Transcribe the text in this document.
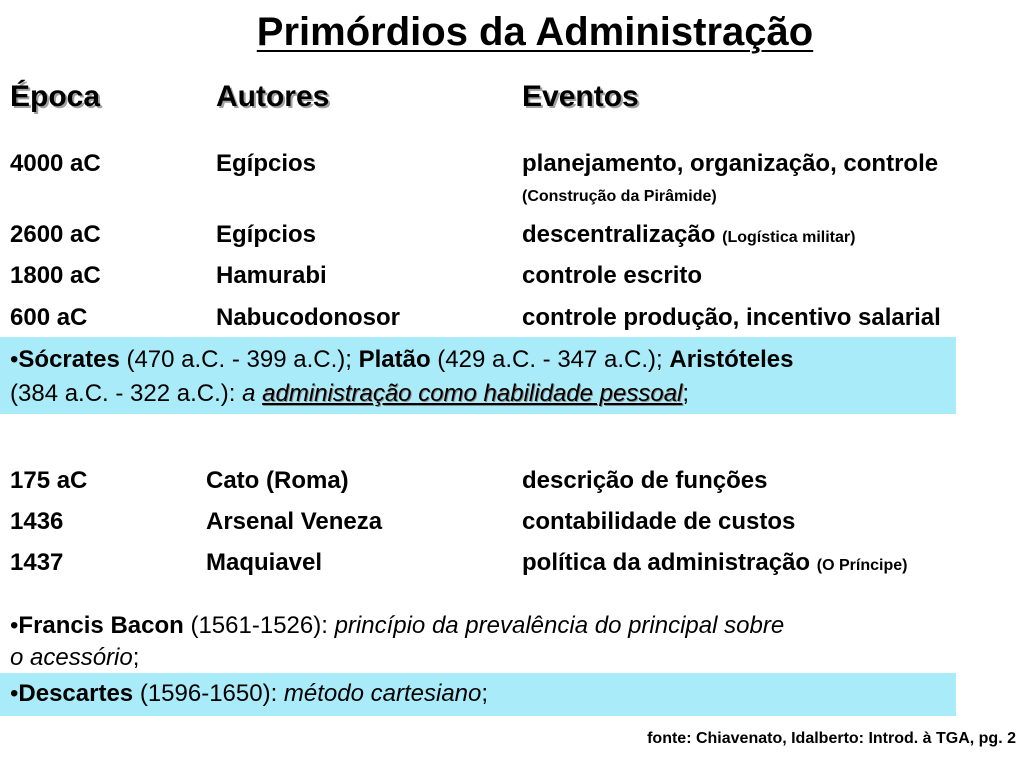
Primórdios da Administração
Época	Autores	Eventos
4000 aC	Egípcios	planejamento, organização, controle
(Construção da Pirâmide)
2600 aC	Egípcios	descentralização (Logística militar)
1800 aC	Hamurabi	controle escrito
600 aC	Nabucodonosor	controle produção, incentivo salarial
•Sócrates (470 a.C. - 399 a.C.); Platão (429 a.C. - 347 a.C.); Aristóteles
(384 a.C. - 322 a.C.): a administração como habilidade pessoal;
175 aC	Cato (Roma)	descrição de funções
1436	Arsenal Veneza	contabilidade de custos
1437	Maquiavel	política da administração (O Príncipe)
•Francis Bacon (1561-1526): princípio da prevalência do principal sobre
o acessório;
•Descartes (1596-1650): método cartesiano;
fonte: Chiavenato, Idalberto: Introd. à TGA, pg. 2
